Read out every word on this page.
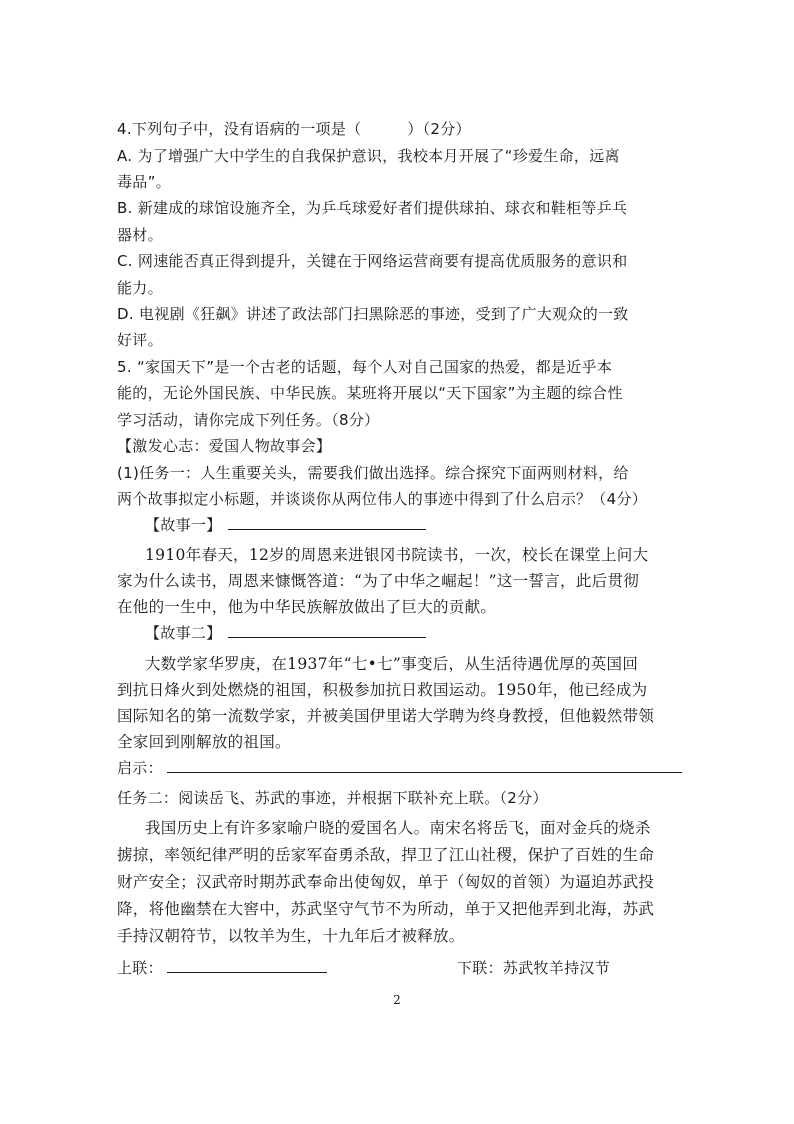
4.下列句子中，没有语病的一项是（　　　）（2分）
A. 为了增强广大中学生的自我保护意识，我校本月开展了“珍爱生命，远离
毒品”。
B. 新建成的球馆设施齐全，为乒乓球爱好者们提供球拍、球衣和鞋柜等乒乓
器材。
C. 网速能否真正得到提升，关键在于网络运营商要有提高优质服务的意识和
能力。
D. 电视剧《狂飙》讲述了政法部门扫黑除恶的事迹，受到了广大观众的一致
好评。
5. “家国天下”是一个古老的话题，每个人对自己国家的热爱，都是近乎本
能的，无论外国民族、中华民族。某班将开展以“天下国家”为主题的综合性
学习活动，请你完成下列任务。（8分）
【激发心志：爱国人物故事会】
(1)任务一：人生重要关头，需要我们做出选择。综合探究下面两则材料，给
两个故事拟定小标题，并谈谈你从两位伟人的事迹中得到了什么启示？（4分）
【故事一】
1910年春天，12岁的周恩来进银冈书院读书，一次，校长在课堂上问大
家为什么读书，周恩来慷慨答道：“为了中华之崛起！”这一誓言，此后贯彻
在他的一生中，他为中华民族解放做出了巨大的贡献。
【故事二】
大数学家华罗庚，在1937年“七•七”事变后，从生活待遇优厚的英国回
到抗日烽火到处燃烧的祖国，积极参加抗日救国运动。1950年，他已经成为
国际知名的第一流数学家，并被美国伊里诺大学聘为终身教授，但他毅然带领
全家回到刚解放的祖国。
启示：
任务二：阅读岳飞、苏武的事迹，并根据下联补充上联。（2分）
我国历史上有许多家喻户晓的爱国名人。南宋名将岳飞，面对金兵的烧杀
掳掠，率领纪律严明的岳家军奋勇杀敌，捍卫了江山社稷，保护了百姓的生命
财产安全；汉武帝时期苏武奉命出使匈奴，单于（匈奴的首领）为逼迫苏武投
降，将他幽禁在大窖中，苏武坚守气节不为所动，单于又把他弄到北海，苏武
手持汉朝符节，以牧羊为生，十九年后才被释放。
上联：	下联：苏武牧羊持汉节
2
